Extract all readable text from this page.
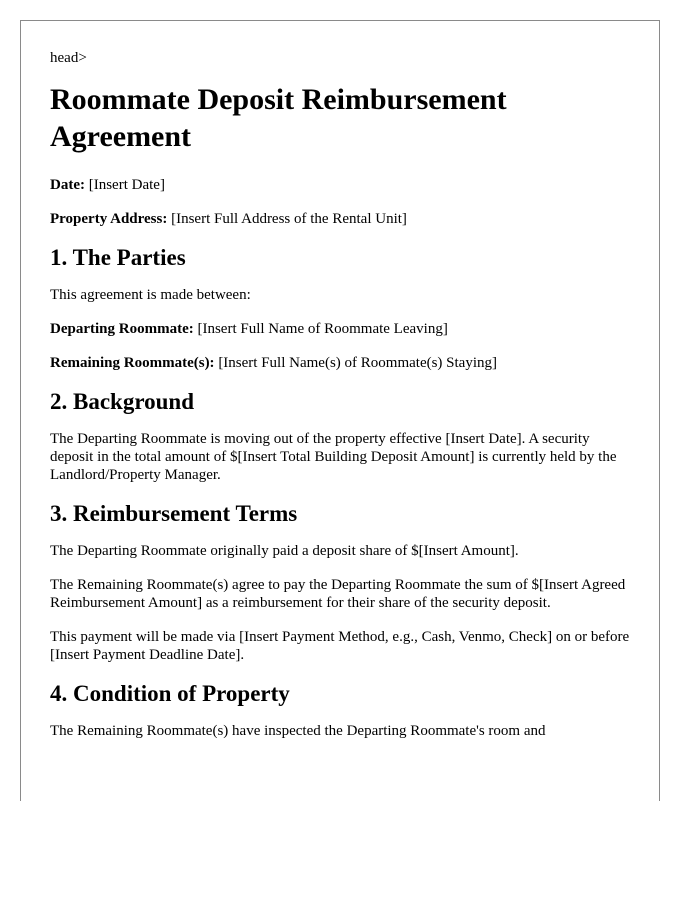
head>
Roommate Deposit Reimbursement Agreement

Date: [Insert Date]

Property Address: [Insert Full Address of the Rental Unit]

1. The Parties

This agreement is made between:

Departing Roommate: [Insert Full Name of Roommate Leaving]

Remaining Roommate(s): [Insert Full Name(s) of Roommate(s) Staying]

2. Background

The Departing Roommate is moving out of the property effective [Insert Date]. A security deposit in the total amount of $[Insert Total Building Deposit Amount] is currently held by the Landlord/Property Manager.

3. Reimbursement Terms

The Departing Roommate originally paid a deposit share of $[Insert Amount].

The Remaining Roommate(s) agree to pay the Departing Roommate the sum of $[Insert Agreed Reimbursement Amount] as a reimbursement for their share of the security deposit.

This payment will be made via [Insert Payment Method, e.g., Cash, Venmo, Check] on or before [Insert Payment Deadline Date].

4. Condition of Property

The Remaining Roommate(s) have inspected the Departing Roommate's room and
